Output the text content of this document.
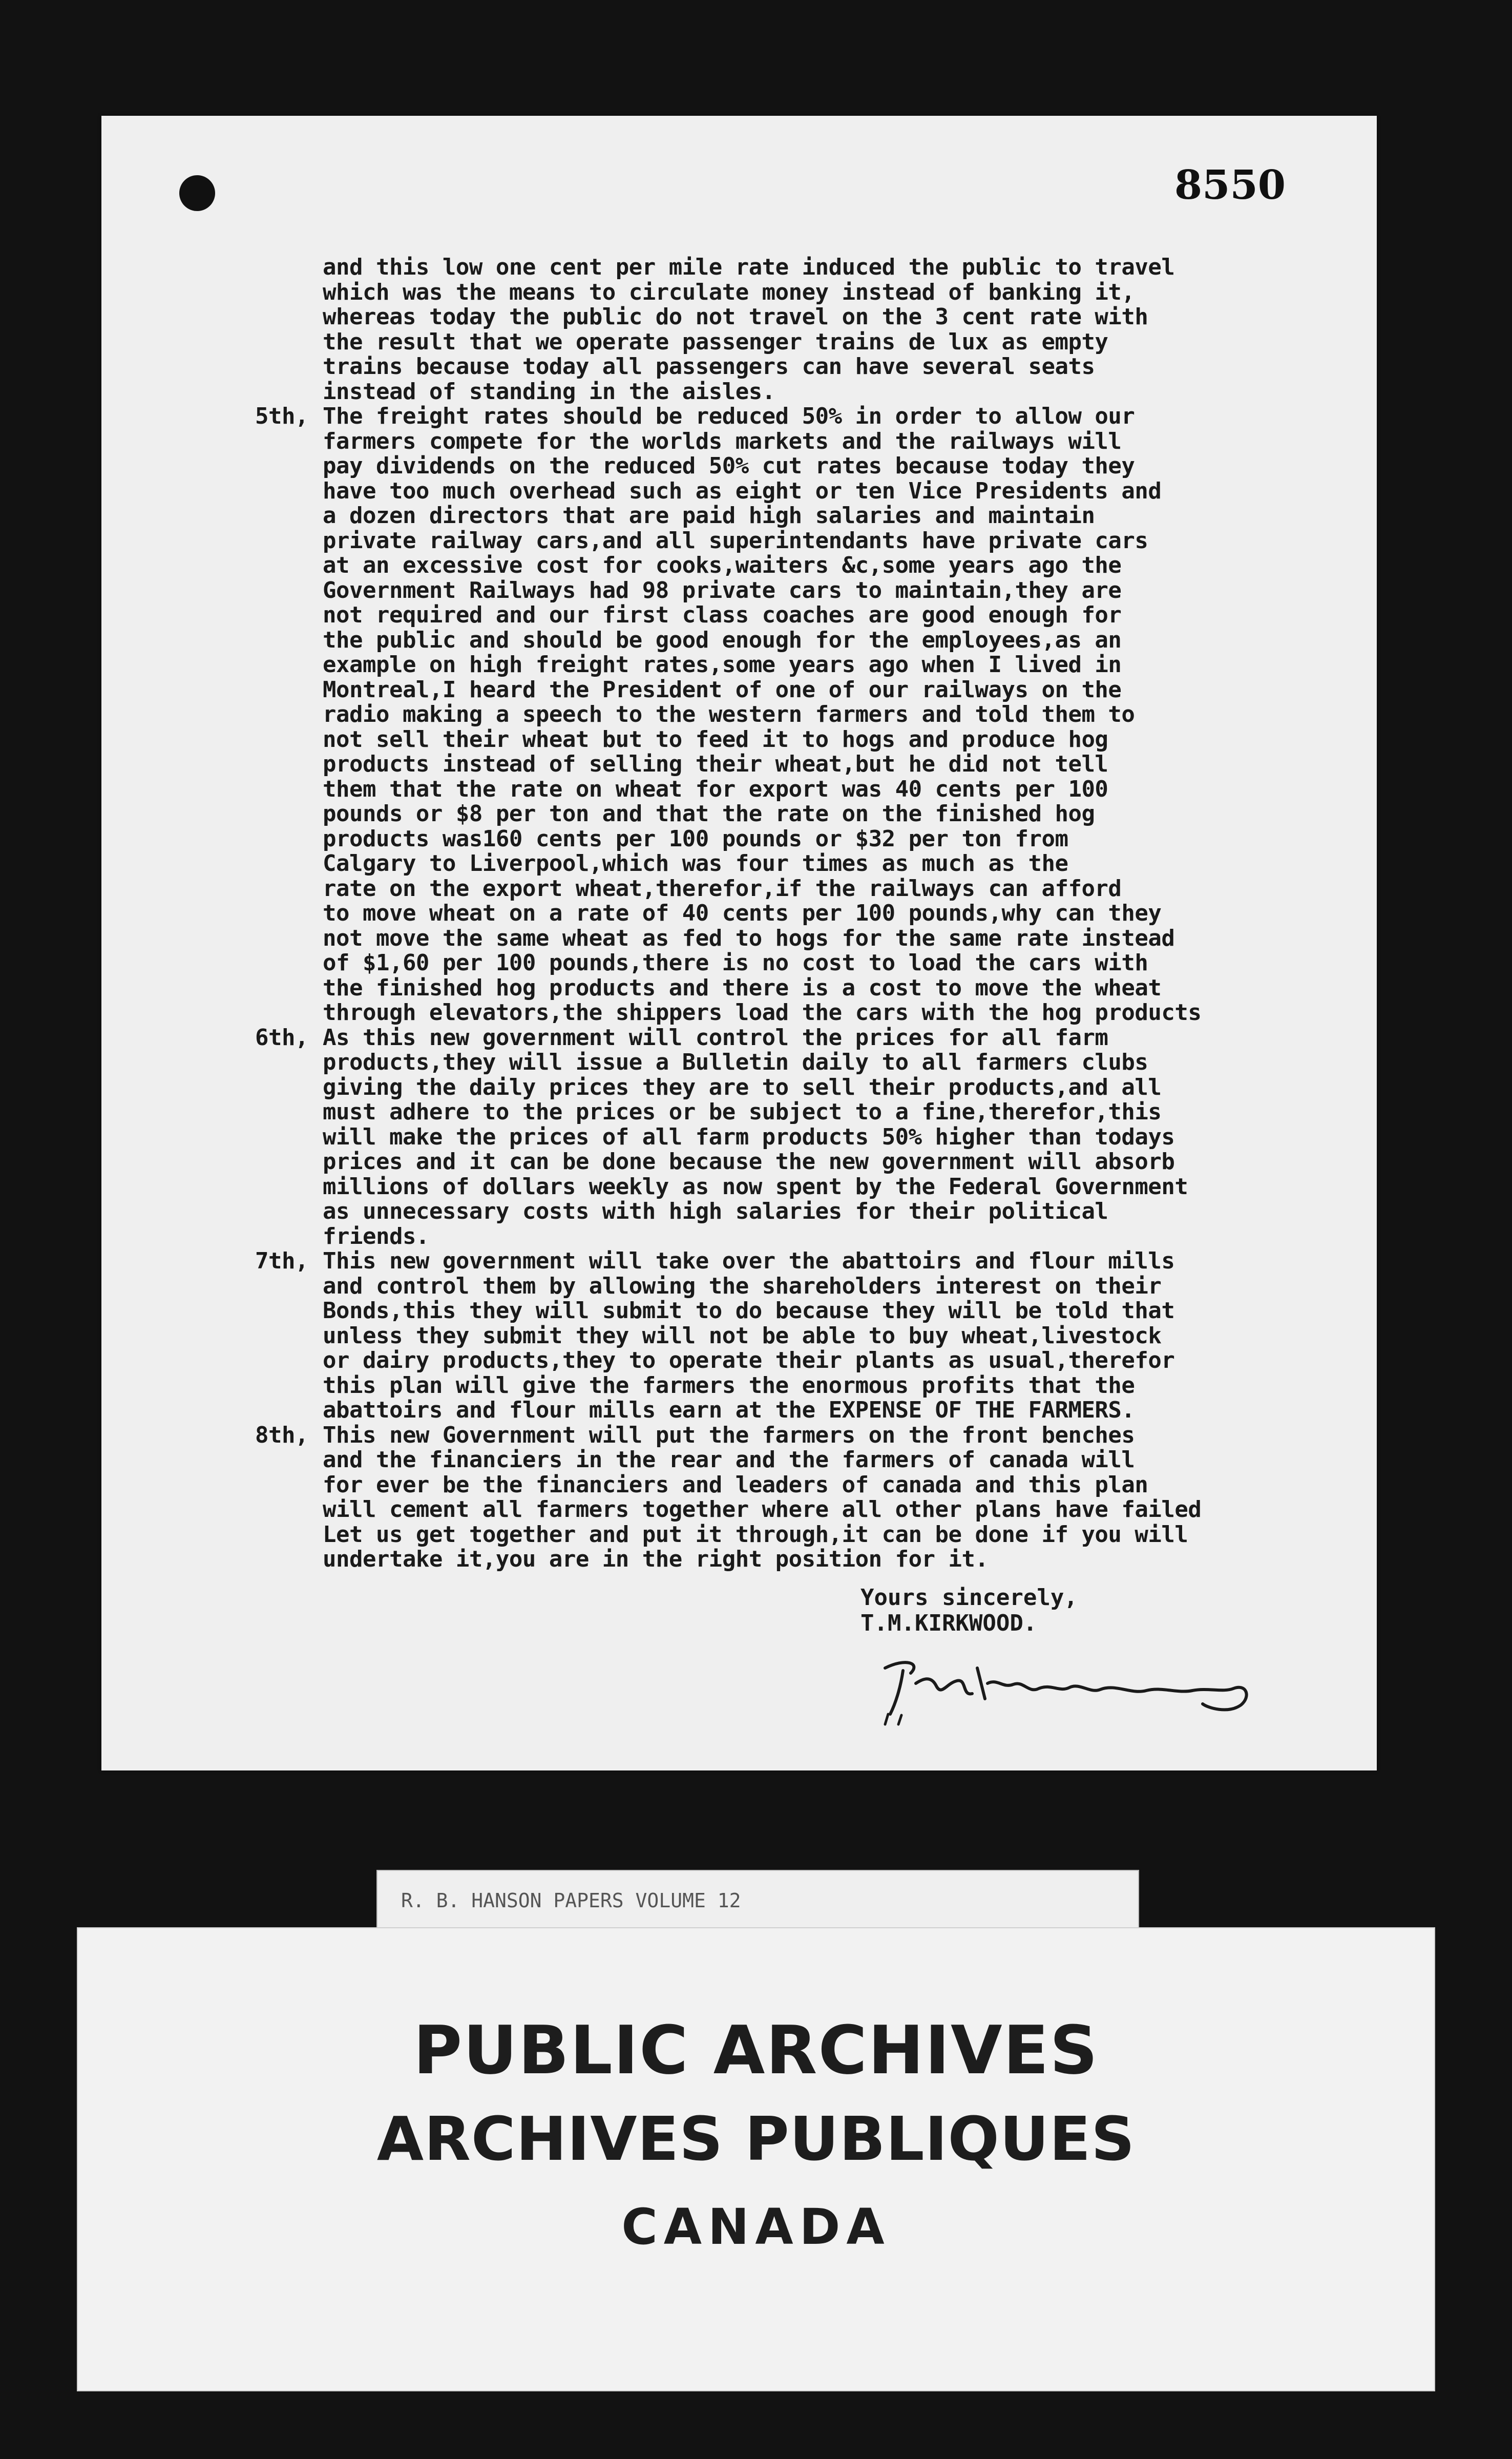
8550
and this low one cent per mile rate induced the public to travel
which was the means to circulate money instead of banking it,
whereas today the public do not travel on the 3 cent rate with
the result that we operate passenger trains de lux as empty
trains because today all passengers can have several seats
instead of standing in the aisles.
5th, The freight rates should be reduced 50% in order to allow our
farmers compete for the worlds markets and the railways will
pay dividends on the reduced 50% cut rates because today they
have too much overhead such as eight or ten Vice Presidents and
a dozen directors that are paid high salaries and maintain
private railway cars,and all superintendants have private cars
at an excessive cost for cooks,waiters &c,some years ago the
Government Railways had 98 private cars to maintain,they are
not required and our first class coaches are good enough for
the public and should be good enough for the employees,as an
example on high freight rates,some years ago when I lived in
Montreal,I heard the President of one of our railways on the
radio making a speech to the western farmers and told them to
not sell their wheat but to feed it to hogs and produce hog
products instead of selling their wheat,but he did not tell
them that the rate on wheat for export was 40 cents per 100
pounds or $8 per ton and that the rate on the finished hog
products was160 cents per 100 pounds or $32 per ton from
Calgary to Liverpool,which was four times as much as the
rate on the export wheat,therefor,if the railways can afford
to move wheat on a rate of 40 cents per 100 pounds,why can they
not move the same wheat as fed to hogs for the same rate instead
of $1,60 per 100 pounds,there is no cost to load the cars with
the finished hog products and there is a cost to move the wheat
through elevators,the shippers load the cars with the hog products
6th, As this new government will control the prices for all farm
products,they will issue a Bulletin daily to all farmers clubs
giving the daily prices they are to sell their products,and all
must adhere to the prices or be subject to a fine,therefor,this
will make the prices of all farm products 50% higher than todays
prices and it can be done because the new government will absorb
millions of dollars weekly as now spent by the Federal Government
as unnecessary costs with high salaries for their political
friends.
7th, This new government will take over the abattoirs and flour mills
and control them by allowing the shareholders interest on their
Bonds,this they will submit to do because they will be told that
unless they submit they will not be able to buy wheat,livestock
or dairy products,they to operate their plants as usual,therefor
this plan will give the farmers the enormous profits that the
abattoirs and flour mills earn at the EXPENSE OF THE FARMERS.
8th, This new Government will put the farmers on the front benches
and the financiers in the rear and the farmers of canada will
for ever be the financiers and leaders of canada and this plan
will cement all farmers together where all other plans have failed
Let us get together and put it through,it can be done if you will
undertake it,you are in the right position for it.
Yours sincerely,
T.M.KIRKWOOD.
R. B. HANSON PAPERS VOLUME 12
PUBLIC ARCHIVES
ARCHIVES PUBLIQUES
CANADA
